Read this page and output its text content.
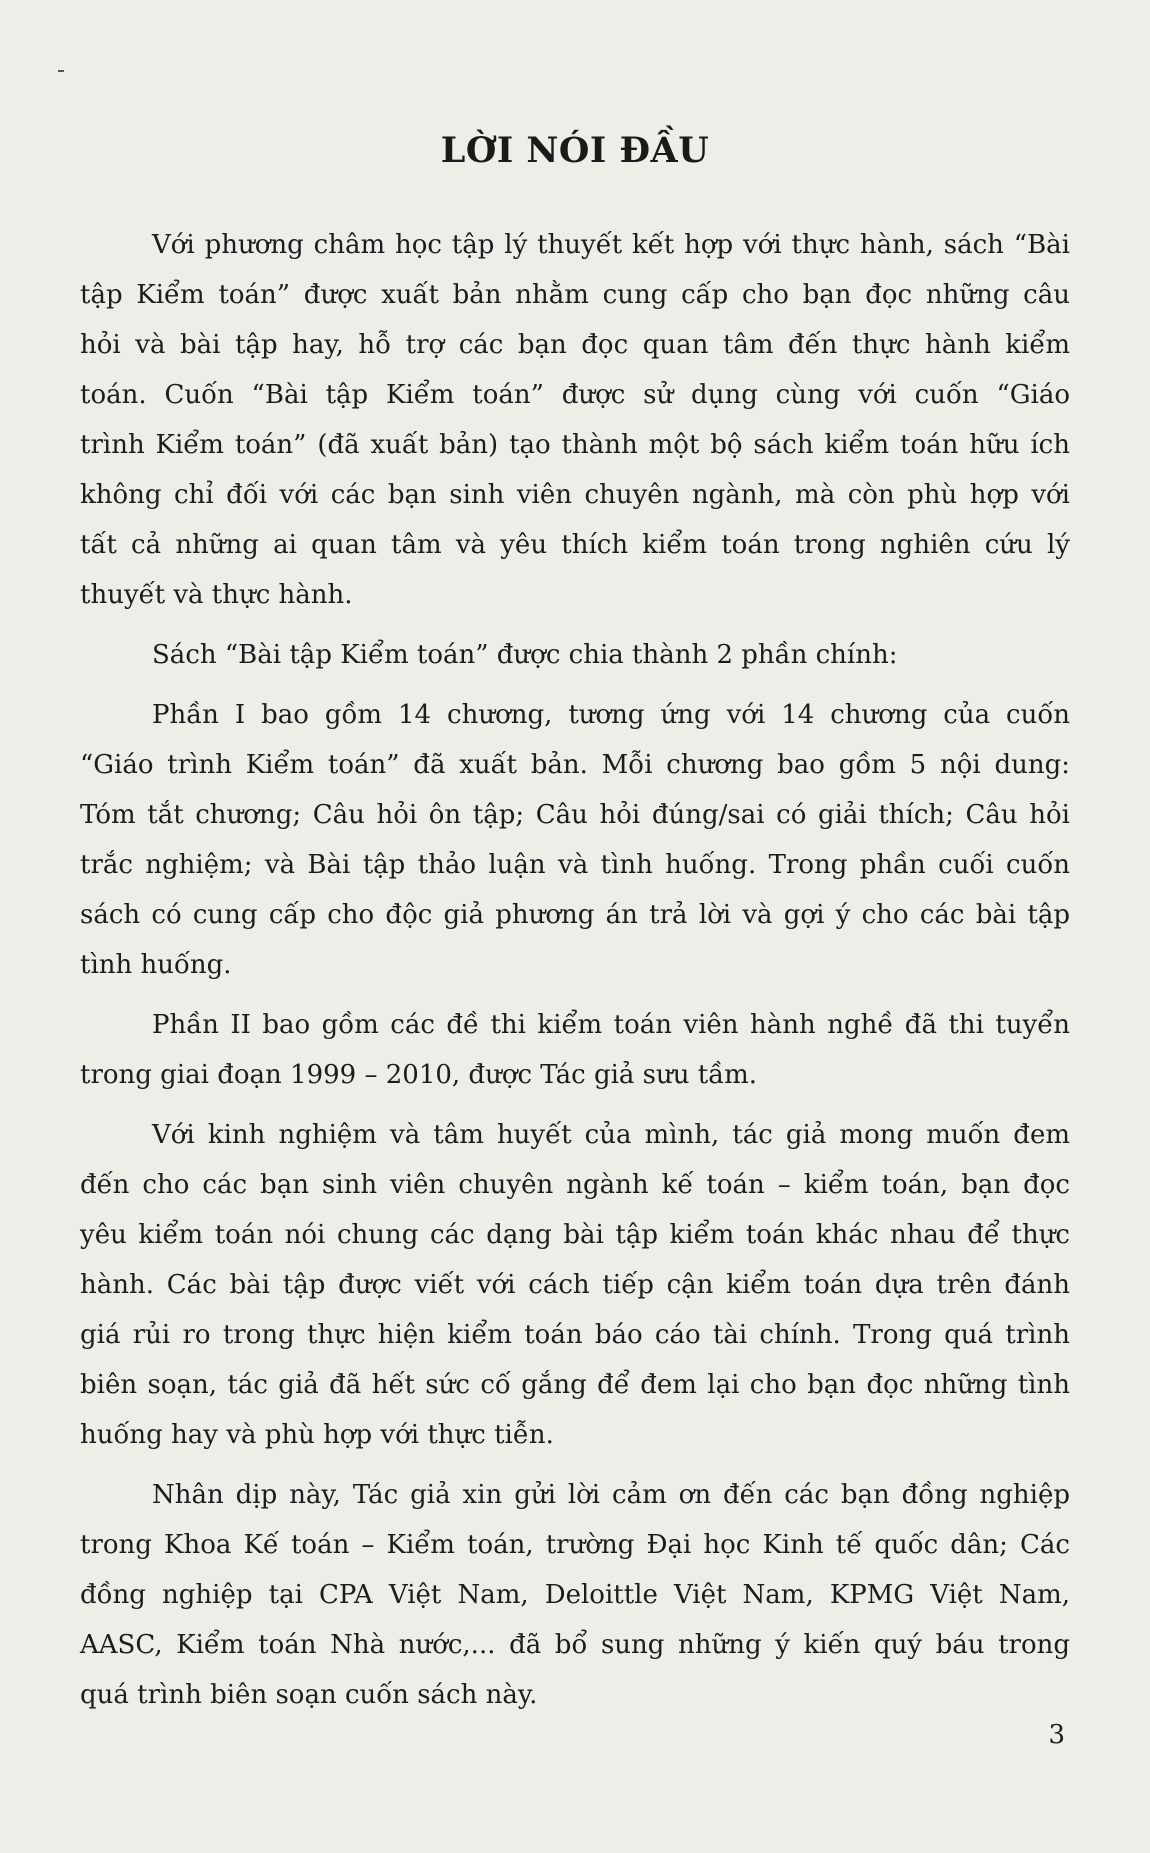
LỜI NÓI ĐẦU
Với phương châm học tập lý thuyết kết hợp với thực hành, sách “Bài
tập Kiểm toán” được xuất bản nhằm cung cấp cho bạn đọc những câu
hỏi và bài tập hay, hỗ trợ các bạn đọc quan tâm đến thực hành kiểm
toán. Cuốn “Bài tập Kiểm toán” được sử dụng cùng với cuốn “Giáo
trình Kiểm toán” (đã xuất bản) tạo thành một bộ sách kiểm toán hữu ích
không chỉ đối với các bạn sinh viên chuyên ngành, mà còn phù hợp với
tất cả những ai quan tâm và yêu thích kiểm toán trong nghiên cứu lý
thuyết và thực hành.
Sách “Bài tập Kiểm toán” được chia thành 2 phần chính:
Phần I bao gồm 14 chương, tương ứng với 14 chương của cuốn
“Giáo trình Kiểm toán” đã xuất bản. Mỗi chương bao gồm 5 nội dung:
Tóm tắt chương; Câu hỏi ôn tập; Câu hỏi đúng/sai có giải thích; Câu hỏi
trắc nghiệm; và Bài tập thảo luận và tình huống. Trong phần cuối cuốn
sách có cung cấp cho độc giả phương án trả lời và gợi ý cho các bài tập
tình huống.
Phần II bao gồm các đề thi kiểm toán viên hành nghề đã thi tuyển
trong giai đoạn 1999 – 2010, được Tác giả sưu tầm.
Với kinh nghiệm và tâm huyết của mình, tác giả mong muốn đem
đến cho các bạn sinh viên chuyên ngành kế toán – kiểm toán, bạn đọc
yêu kiểm toán nói chung các dạng bài tập kiểm toán khác nhau để thực
hành. Các bài tập được viết với cách tiếp cận kiểm toán dựa trên đánh
giá rủi ro trong thực hiện kiểm toán báo cáo tài chính. Trong quá trình
biên soạn, tác giả đã hết sức cố gắng để đem lại cho bạn đọc những tình
huống hay và phù hợp với thực tiễn.
Nhân dịp này, Tác giả xin gửi lời cảm ơn đến các bạn đồng nghiệp
trong Khoa Kế toán – Kiểm toán, trường Đại học Kinh tế quốc dân; Các
đồng nghiệp tại CPA Việt Nam, Deloittle Việt Nam, KPMG Việt Nam,
AASC, Kiểm toán Nhà nước,... đã bổ sung những ý kiến quý báu trong
quá trình biên soạn cuốn sách này.
3
